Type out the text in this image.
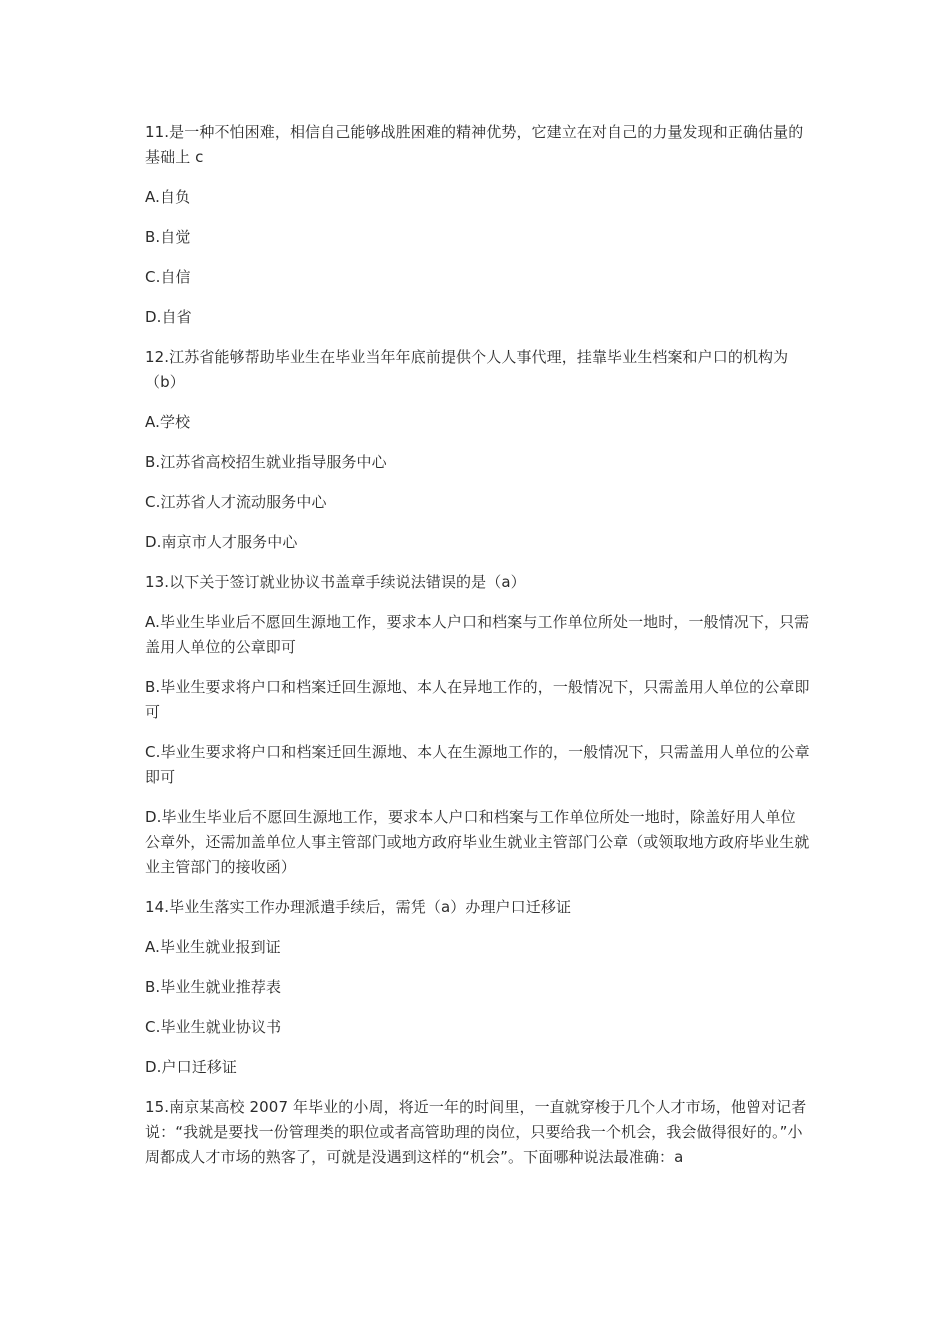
11.是一种不怕困难，相信自己能够战胜困难的精神优势，它建立在对自己的力量发现和正确估量的基础上 c

A.自负

B.自觉

C.自信

D.自省

12.江苏省能够帮助毕业生在毕业当年年底前提供个人人事代理，挂靠毕业生档案和户口的机构为（b）

A.学校

B.江苏省高校招生就业指导服务中心

C.江苏省人才流动服务中心

D.南京市人才服务中心

13.以下关于签订就业协议书盖章手续说法错误的是（a）

A.毕业生毕业后不愿回生源地工作，要求本人户口和档案与工作单位所处一地时，一般情况下，只需盖用人单位的公章即可

B.毕业生要求将户口和档案迁回生源地、本人在异地工作的，一般情况下，只需盖用人单位的公章即可

C.毕业生要求将户口和档案迁回生源地、本人在生源地工作的，一般情况下，只需盖用人单位的公章即可

D.毕业生毕业后不愿回生源地工作，要求本人户口和档案与工作单位所处一地时，除盖好用人单位公章外，还需加盖单位人事主管部门或地方政府毕业生就业主管部门公章（或领取地方政府毕业生就业主管部门的接收函）

14.毕业生落实工作办理派遣手续后，需凭（a）办理户口迁移证

A.毕业生就业报到证

B.毕业生就业推荐表

C.毕业生就业协议书

D.户口迁移证

15.南京某高校 2007 年毕业的小周，将近一年的时间里，一直就穿梭于几个人才市场，他曾对记者说：“我就是要找一份管理类的职位或者高管助理的岗位，只要给我一个机会，我会做得很好的。”小周都成人才市场的熟客了，可就是没遇到这样的“机会”。下面哪种说法最准确：a
